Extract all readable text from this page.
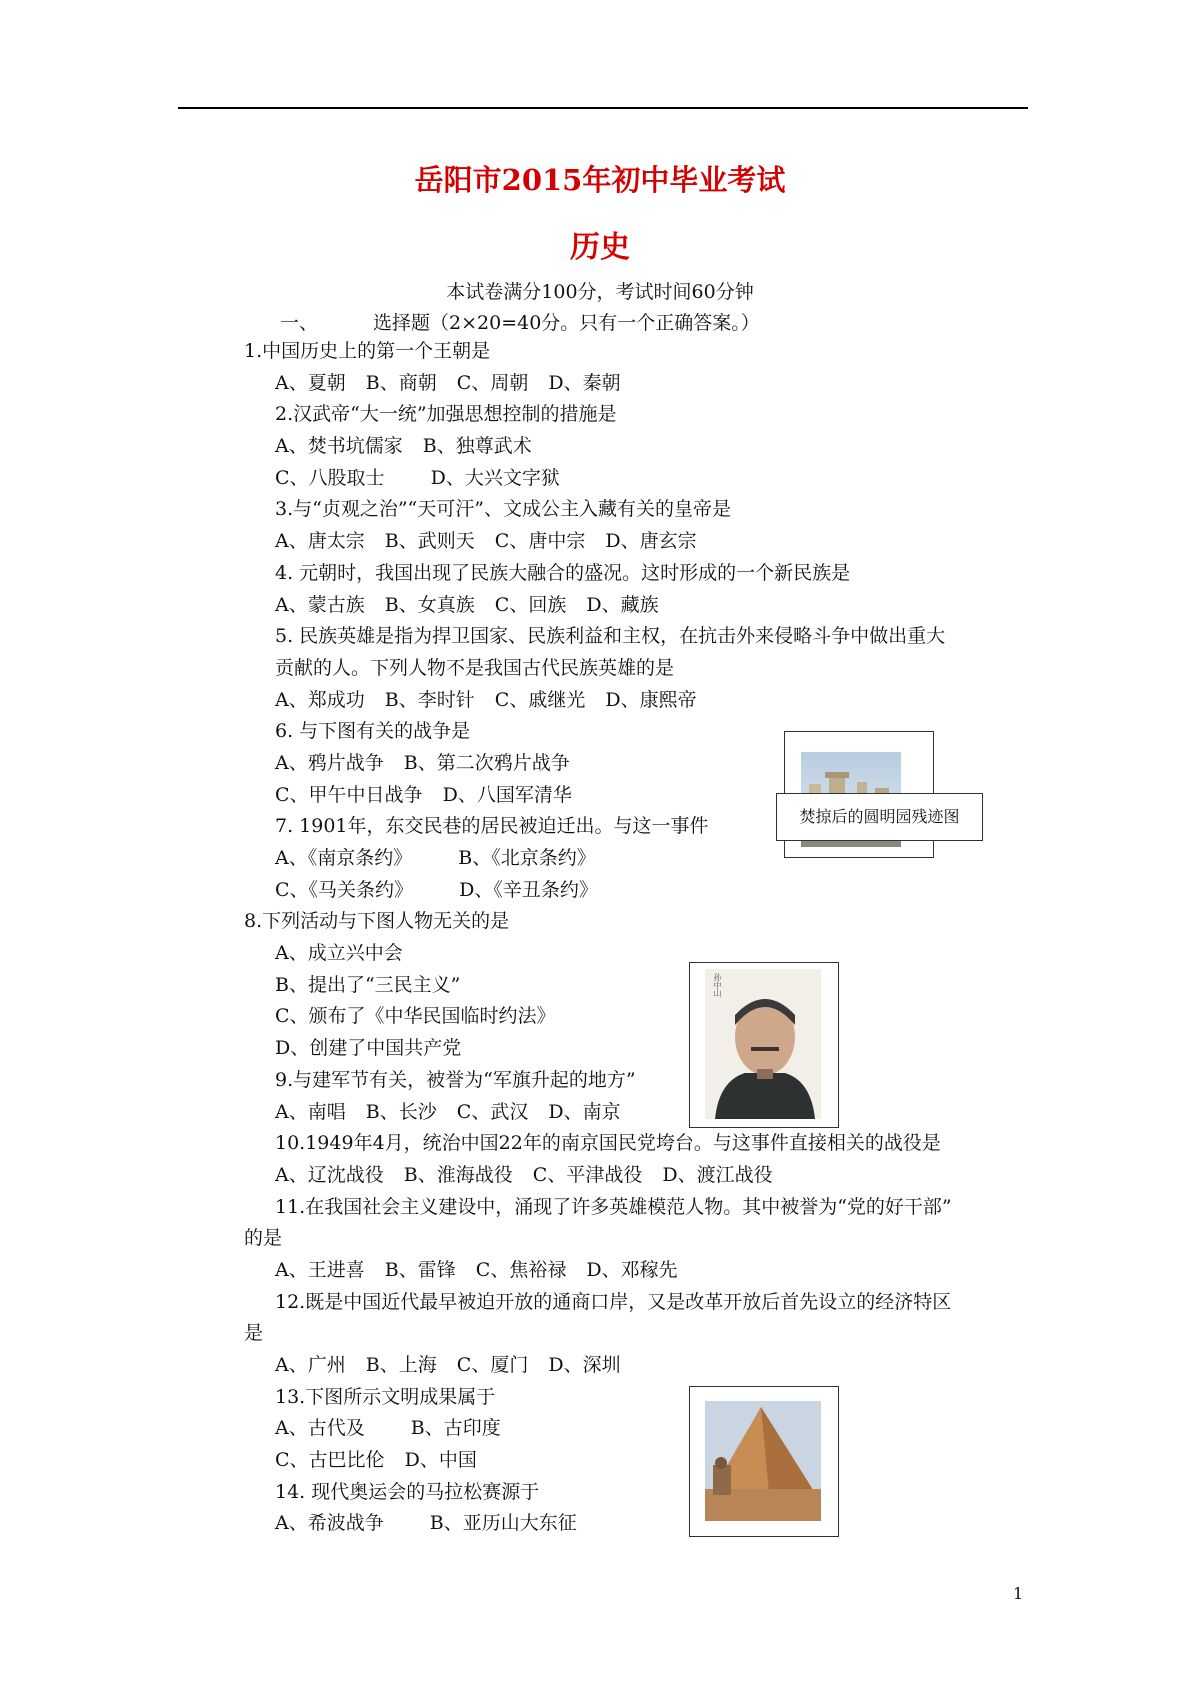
岳阳市2015年初中毕业考试
历史

本试卷满分100分，考试时间60分钟

一、	选择题（2×20=40分。只有一个正确答案。）

1.中国历史上的第一个王朝是
A、夏朝 B、商朝 C、周朝 D、秦朝
2.汉武帝“大一统”加强思想控制的措施是
A、焚书坑儒家 B、独尊武术
C、八股取士 D、大兴文字狱
3.与“贞观之治”“天可汗”、文成公主入藏有关的皇帝是
A、唐太宗 B、武则天 C、唐中宗 D、唐玄宗
4. 元朝时，我国出现了民族大融合的盛况。这时形成的一个新民族是
A、蒙古族 B、女真族 C、回族 D、藏族
5. 民族英雄是指为捍卫国家、民族利益和主权，在抗击外来侵略斗争中做出重大
贡献的人。下列人物不是我国古代民族英雄的是
A、郑成功 B、李时针 C、戚继光 D、康熙帝
6. 与下图有关的战争是
A、鸦片战争 B、第二次鸦片战争
C、甲午中日战争 D、八国军清华
7. 1901年，东交民巷的居民被迫迁出。与这一事件
A、《南京条约》 B、《北京条约》
C、《马关条约》 D、《辛丑条约》
8.下列活动与下图人物无关的是
A、成立兴中会
B、提出了“三民主义”
C、颁布了《中华民国临时约法》
D、创建了中国共产党
9.与建军节有关，被誉为“军旗升起的地方”
A、南唱 B、长沙 C、武汉 D、南京
10.1949年4月，统治中国22年的南京国民党垮台。与这事件直接相关的战役是
A、辽沈战役 B、淮海战役 C、平津战役 D、渡江战役
11.在我国社会主义建设中，涌现了许多英雄模范人物。其中被誉为“党的好干部”
的是
A、王进喜 B、雷锋 C、焦裕禄 D、邓稼先
12.既是中国近代最早被迫开放的通商口岸，又是改革开放后首先设立的经济特区
是
A、广州 B、上海 C、厦门 D、深圳
13.下图所示文明成果属于
A、古代及 B、古印度
C、古巴比伦 D、中国
14. 现代奥运会的马拉松赛源于
A、希波战争 B、亚历山大东征
焚掠后的圆明园残迹图
孙中山
1
